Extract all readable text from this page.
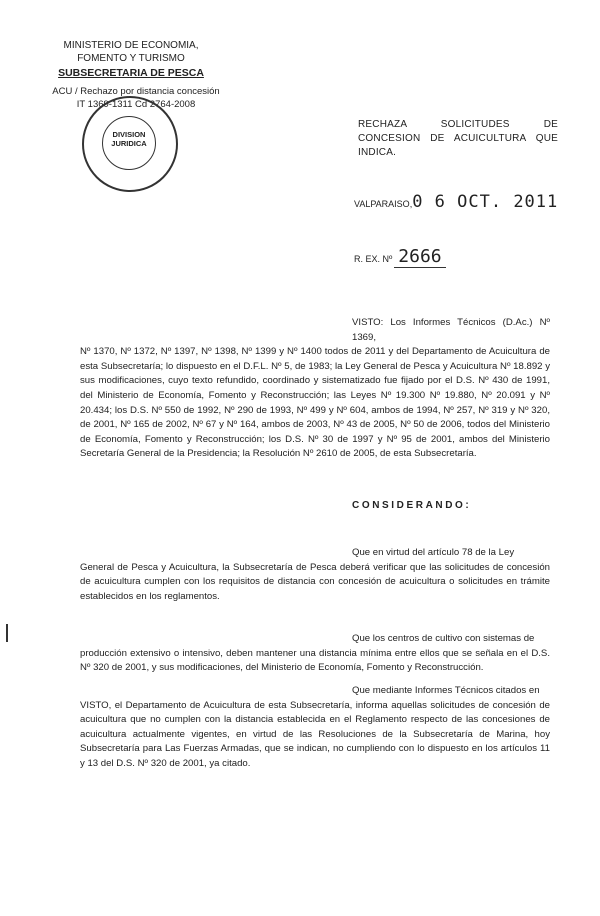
MINISTERIO DE ECONOMIA,
FOMENTO Y TURISMO
SUBSECRETARIA DE PESCA
ACU / Rechazo por distancia concesión
IT 1369-1311 Cd 2764-2008
DIVISION
JURIDICA
RECHAZA SOLICITUDES DE CONCESION DE ACUICULTURA QUE INDICA.
VALPARAISO,0 6 OCT. 2011
R. EX. Nº 2666
VISTO: Los Informes Técnicos (D.Ac.) Nº 1369,
Nº 1370, Nº 1372, Nº 1397, Nº 1398, Nº 1399 y Nº 1400 todos de 2011 y del Departamento de Acuicultura de esta Subsecretaría; lo dispuesto en el D.F.L. Nº 5, de 1983; la Ley General de Pesca y Acuicultura Nº 18.892 y sus modificaciones, cuyo texto refundido, coordinado y sistematizado fue fijado por el D.S. Nº 430 de 1991, del Ministerio de Economía, Fomento y Reconstrucción; las Leyes Nº 19.300 Nº 19.880, Nº 20.091 y Nº 20.434; los D.S. Nº 550 de 1992, Nº 290 de 1993, Nº 499 y Nº 604, ambos de 1994, Nº 257, Nº 319 y Nº 320, de 2001, Nº 165 de 2002, Nº 67 y Nº 164, ambos de 2003, Nº 43 de 2005, Nº 50 de 2006, todos del Ministerio de Economía, Fomento y Reconstrucción; los D.S. Nº 30 de 1997 y Nº 95 de 2001, ambos del Ministerio Secretaría General de la Presidencia; la Resolución Nº 2610 de 2005, de esta Subsecretaría.
CONSIDERANDO:
Que en virtud del artículo 78 de la Ley
General de Pesca y Acuicultura, la Subsecretaría de Pesca deberá verificar que las solicitudes de concesión de acuicultura cumplen con los requisitos de distancia con concesión de acuicultura o solicitudes en trámite establecidos en los reglamentos.
Que los centros de cultivo con sistemas de
producción extensivo o intensivo, deben mantener una distancia mínima entre ellos que se señala en el D.S. Nº 320 de 2001, y sus modificaciones, del Ministerio de Economía, Fomento y Reconstrucción.
Que mediante Informes Técnicos citados en
VISTO, el Departamento de Acuicultura de esta Subsecretaría, informa aquellas solicitudes de concesión de acuicultura que no cumplen con la distancia establecida en el Reglamento respecto de las concesiones de acuicultura actualmente vigentes, en virtud de las Resoluciones de la Subsecretaría de Marina, hoy Subsecretaría para Las Fuerzas Armadas, que se indican, no cumpliendo con lo dispuesto en los artículos 11 y 13 del D.S. Nº 320 de 2001, ya citado.
